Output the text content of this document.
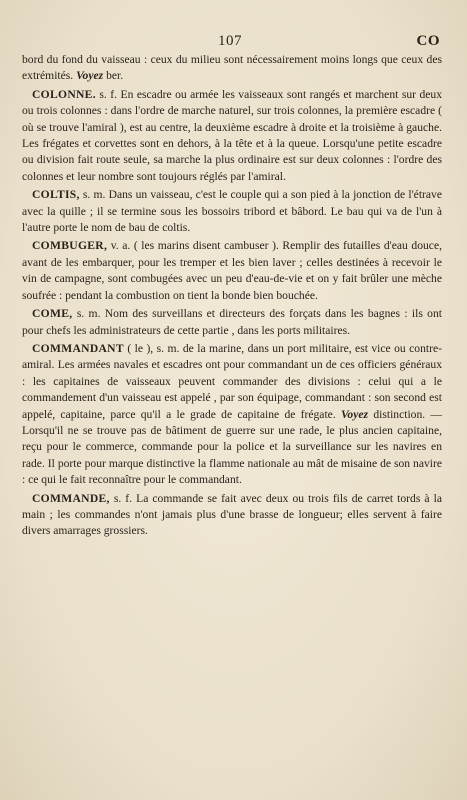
107	CO

bord du fond du vaisseau : ceux du milieu sont nécessairement moins longs que ceux des extrémités. Voyez ber.

COLONNE. s. f. En escadre ou armée les vaisseaux sont rangés et marchent sur deux ou trois colonnes : dans l'ordre de marche naturel, sur trois colonnes, la première escadre ( où se trouve l'amiral ), est au centre, la deuxième escadre à droite et la troisième à gauche. Les frégates et corvettes sont en dehors, à la tête et à la queue. Lorsqu'une petite escadre ou division fait route seule, sa marche la plus ordinaire est sur deux colonnes : l'ordre des colonnes et leur nombre sont toujours réglés par l'amiral.

COLTIS, s. m. Dans un vaisseau, c'est le couple qui a son pied à la jonction de l'étrave avec la quille ; il se termine sous les bossoirs tribord et bâbord. Le bau qui va de l'un à l'autre porte le nom de bau de coltis.

COMBUGER, v. a. ( les marins disent cambuser ). Remplir des futailles d'eau douce, avant de les embarquer, pour les tremper et les bien laver ; celles destinées à recevoir le vin de campagne, sont combugées avec un peu d'eau-de-vie et on y fait brûler une mèche soufrée : pendant la combustion on tient la bonde bien bouchée.

COME, s. m. Nom des surveillans et directeurs des forçats dans les bagnes : ils ont pour chefs les administrateurs de cette partie , dans les ports militaires.

COMMANDANT ( le ), s. m. de la marine, dans un port militaire, est vice ou contre-amiral. Les armées navales et escadres ont pour commandant un de ces officiers généraux : les capitaines de vaisseaux peuvent commander des divisions : celui qui a le commandement d'un vaisseau est appelé , par son équipage, commandant : son second est appelé, capitaine, parce qu'il a le grade de capitaine de frégate. Voyez distinction. — Lorsqu'il ne se trouve pas de bâtiment de guerre sur une rade, le plus ancien capitaine, reçu pour le commerce, commande pour la police et la surveillance sur les navires en rade. Il porte pour marque distinctive la flamme nationale au mât de misaine de son navire : ce qui le fait reconnaître pour le commandant.

COMMANDE, s. f. La commande se fait avec deux ou trois fils de carret tords à la main ; les commandes n'ont jamais plus d'une brasse de longueur; elles servent à faire divers amarrages grossiers.
